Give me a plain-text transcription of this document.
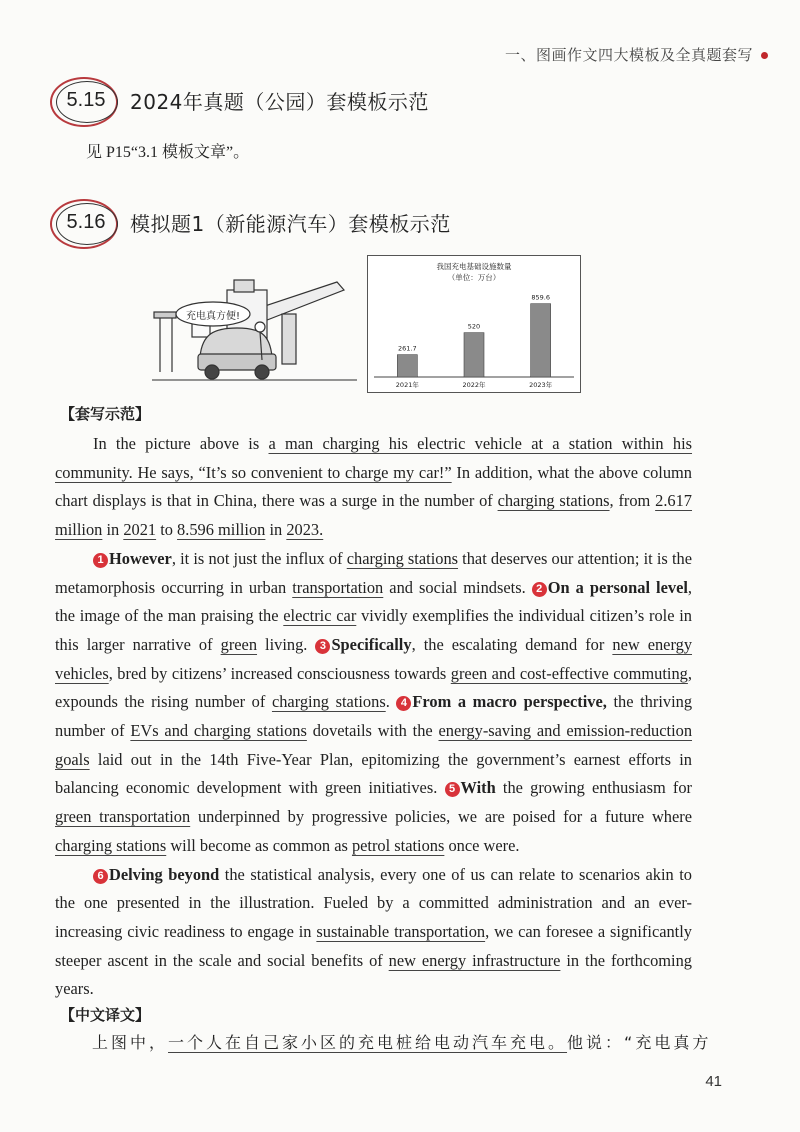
一、图画作文四大模板及全真题套写
5.15	2024年真题（公园）套模板示范
见 P15“3.1 模板文章”。
5.16	模拟题1（新能源汽车）套模板示范
充电真方便!
我国充电基础设施数量
（单位：万台）
261.7
2021年
520
2022年
859.6
2023年
【套写示范】

In the picture above is a man charging his electric vehicle at a station within his community. He says, “It’s so convenient to charge my car!” In addition, what the above column chart displays is that in China, there was a surge in the number of charging stations, from 2.617 million in 2021 to 8.596 million in 2023.

1 However, it is not just the influx of charging stations that deserves our attention; it is the metamorphosis occurring in urban transportation and social mindsets. 2 On a personal level, the image of the man praising the electric car vividly exemplifies the individual citizen’s role in this larger narrative of green living. 3 Specifically, the escalating demand for new energy vehicles, bred by citizens’ increased consciousness towards green and cost-effective commuting, expounds the rising number of charging stations. 4 From a macro perspective, the thriving number of EVs and charging stations dovetails with the energy-saving and emission-reduction goals laid out in the 14th Five-Year Plan, epitomizing the government’s earnest efforts in balancing economic development with green initiatives. 5 With the growing enthusiasm for green transportation underpinned by progressive policies, we are poised for a future where charging stations will become as common as petrol stations once were.

6 Delving beyond the statistical analysis, every one of us can relate to scenarios akin to the one presented in the illustration. Fueled by a committed administration and an ever-increasing civic readiness to engage in sustainable transportation, we can foresee a significantly steeper ascent in the scale and social benefits of new energy infrastructure in the forthcoming years.

【中文译文】
上图中，一个人在自己家小区的充电桩给电动汽车充电。他说：“充电真方
41
